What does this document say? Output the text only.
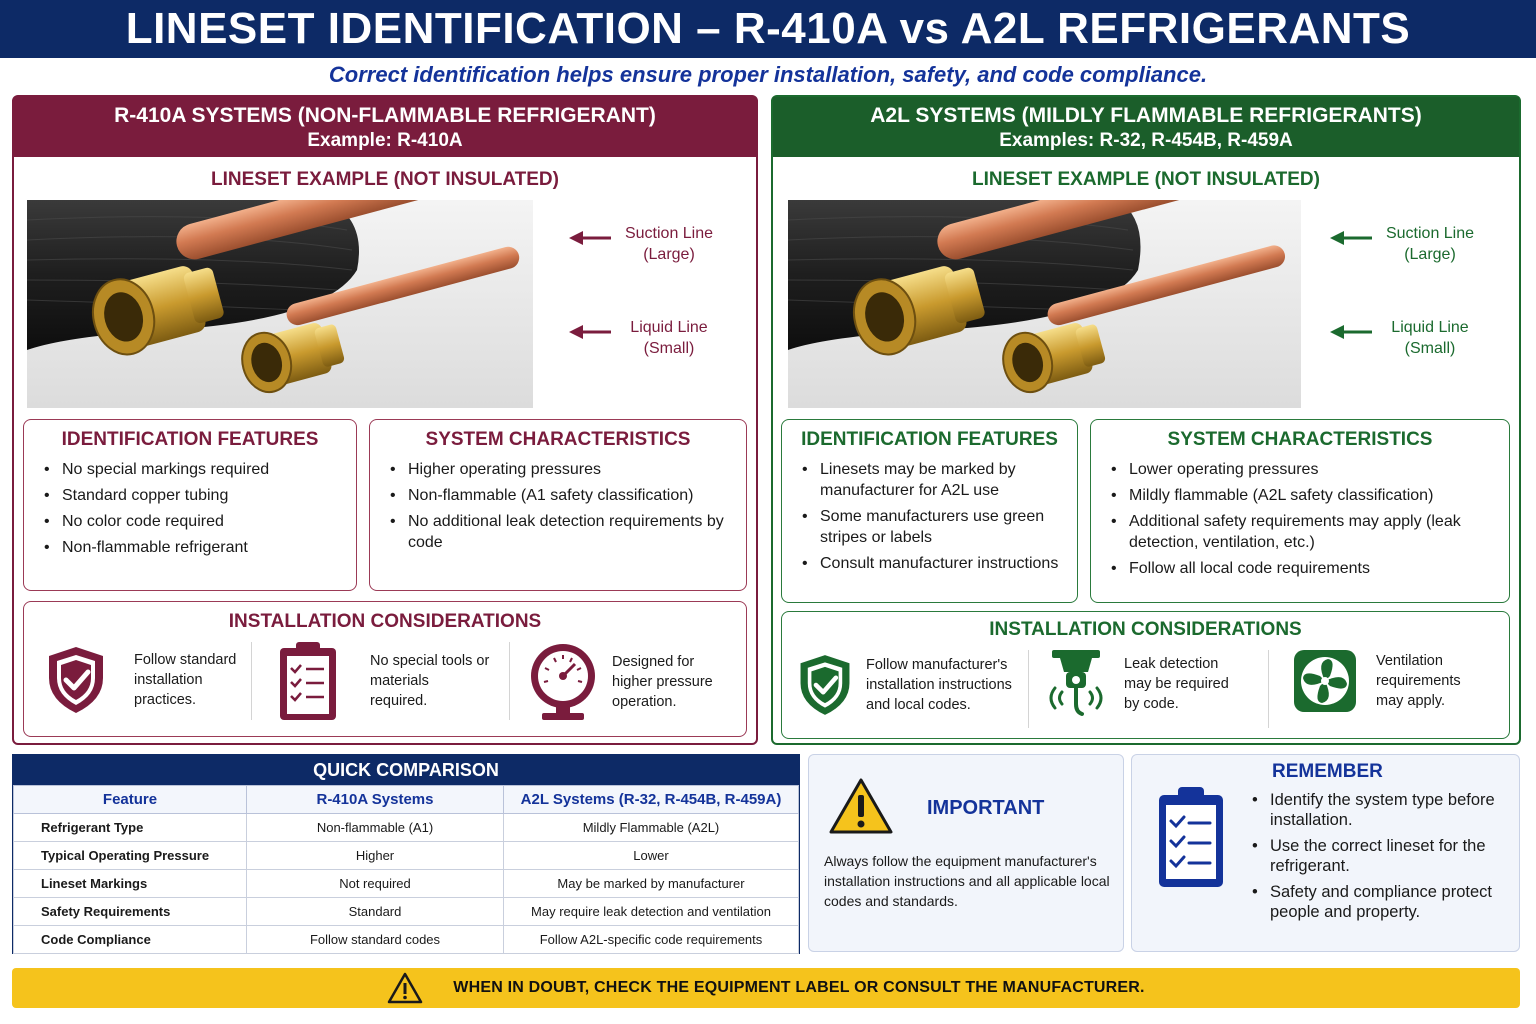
LINESET IDENTIFICATION – R-410A vs A2L REFRIGERANTS
Correct identification helps ensure proper installation, safety, and code compliance.
R-410A SYSTEMS (NON-FLAMMABLE REFRIGERANT)
Example: R-410A
LINESET EXAMPLE (NOT INSULATED)
Suction Line
(Large)
Liquid Line
(Small)
IDENTIFICATION FEATURES
• No special markings required
• Standard copper tubing
• No color code required
• Non-flammable refrigerant
SYSTEM CHARACTERISTICS
• Higher operating pressures
• Non-flammable (A1 safety classification)
• No additional leak detection requirements by code
INSTALLATION CONSIDERATIONS
Follow standard installation practices.
No special tools or materials required.
Designed for higher pressure operation.
A2L SYSTEMS (MILDLY FLAMMABLE REFRIGERANTS)
Examples: R-32, R-454B, R-459A
LINESET EXAMPLE (NOT INSULATED)
Suction Line
(Large)
Liquid Line
(Small)
IDENTIFICATION FEATURES
• Linesets may be marked by manufacturer for A2L use
• Some manufacturers use green stripes or labels
• Consult manufacturer instructions
SYSTEM CHARACTERISTICS
• Lower operating pressures
• Mildly flammable (A2L safety classification)
• Additional safety requirements may apply (leak detection, ventilation, etc.)
• Follow all local code requirements
INSTALLATION CONSIDERATIONS
Follow manufacturer's installation instructions and local codes.
Leak detection may be required by code.
Ventilation requirements may apply.
QUICK COMPARISON
Feature	R-410A Systems	A2L Systems (R-32, R-454B, R-459A)
Refrigerant Type	Non-flammable (A1)	Mildly Flammable (A2L)
Typical Operating Pressure	Higher	Lower
Lineset Markings	Not required	May be marked by manufacturer
Safety Requirements	Standard	May require leak detection and ventilation
Code Compliance	Follow standard codes	Follow A2L-specific code requirements
IMPORTANT
Always follow the equipment manufacturer's installation instructions and all applicable local codes and standards.
REMEMBER
• Identify the system type before installation.
• Use the correct lineset for the refrigerant.
• Safety and compliance protect people and property.
WHEN IN DOUBT, CHECK THE EQUIPMENT LABEL OR CONSULT THE MANUFACTURER.
